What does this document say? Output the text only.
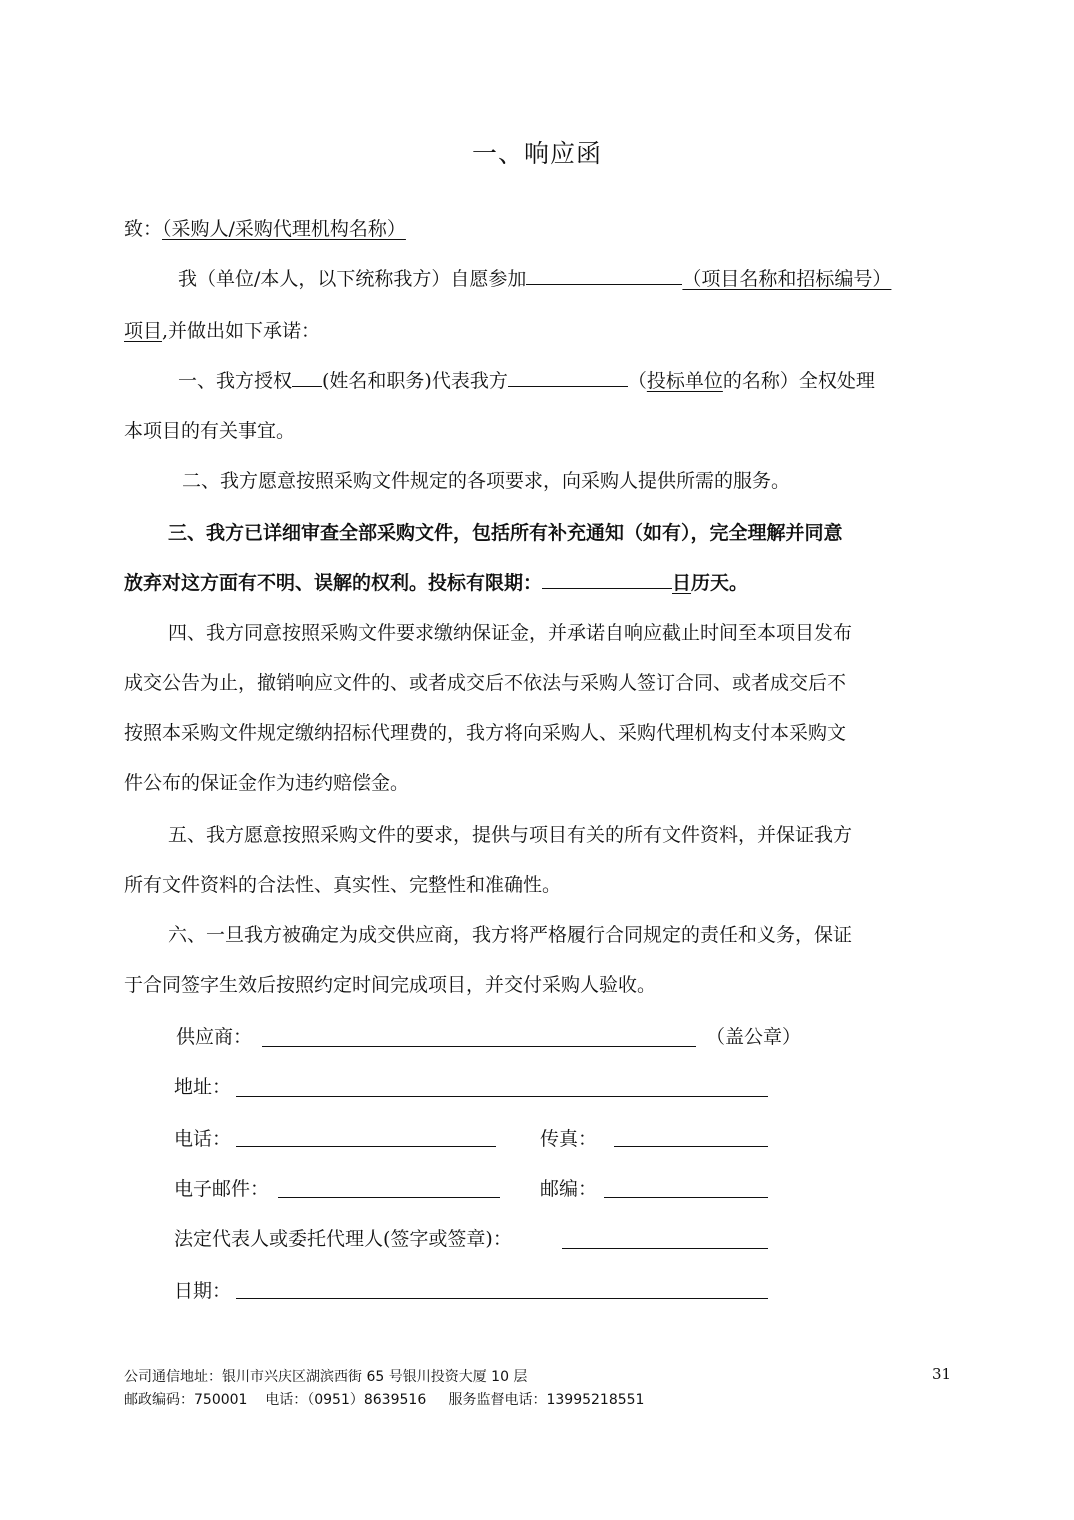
一、响应函
致：（采购人/采购代理机构名称）
我（单位/本人，以下统称我方）自愿参加	（项目名称和招标编号）
项目,并做出如下承诺：
一、我方授权 (姓名和职务)代表我方	（投标单位的名称）全权处理
本项目的有关事宜。
二、我方愿意按照采购文件规定的各项要求，向采购人提供所需的服务。
三、我方已详细审查全部采购文件，包括所有补充通知（如有），完全理解并同意
放弃对这方面有不明、误解的权利。投标有限期：	日历天。
四、我方同意按照采购文件要求缴纳保证金，并承诺自响应截止时间至本项目发布
成交公告为止，撤销响应文件的、或者成交后不依法与采购人签订合同、或者成交后不
按照本采购文件规定缴纳招标代理费的，我方将向采购人、采购代理机构支付本采购文
件公布的保证金作为违约赔偿金。
五、我方愿意按照采购文件的要求，提供与项目有关的所有文件资料，并保证我方
所有文件资料的合法性、真实性、完整性和准确性。
六、一旦我方被确定为成交供应商，我方将严格履行合同规定的责任和义务，保证
于合同签字生效后按照约定时间完成项目，并交付采购人验收。
供应商：	（盖公章）
地址：
电话：	传真：
电子邮件：	邮编：
法定代表人或委托代理人(签字或签章)：
日期：
公司通信地址：银川市兴庆区湖滨西街 65 号银川投资大厦 10 层
邮政编码：750001    电话：（0951）8639516     服务监督电话：13995218551
31
